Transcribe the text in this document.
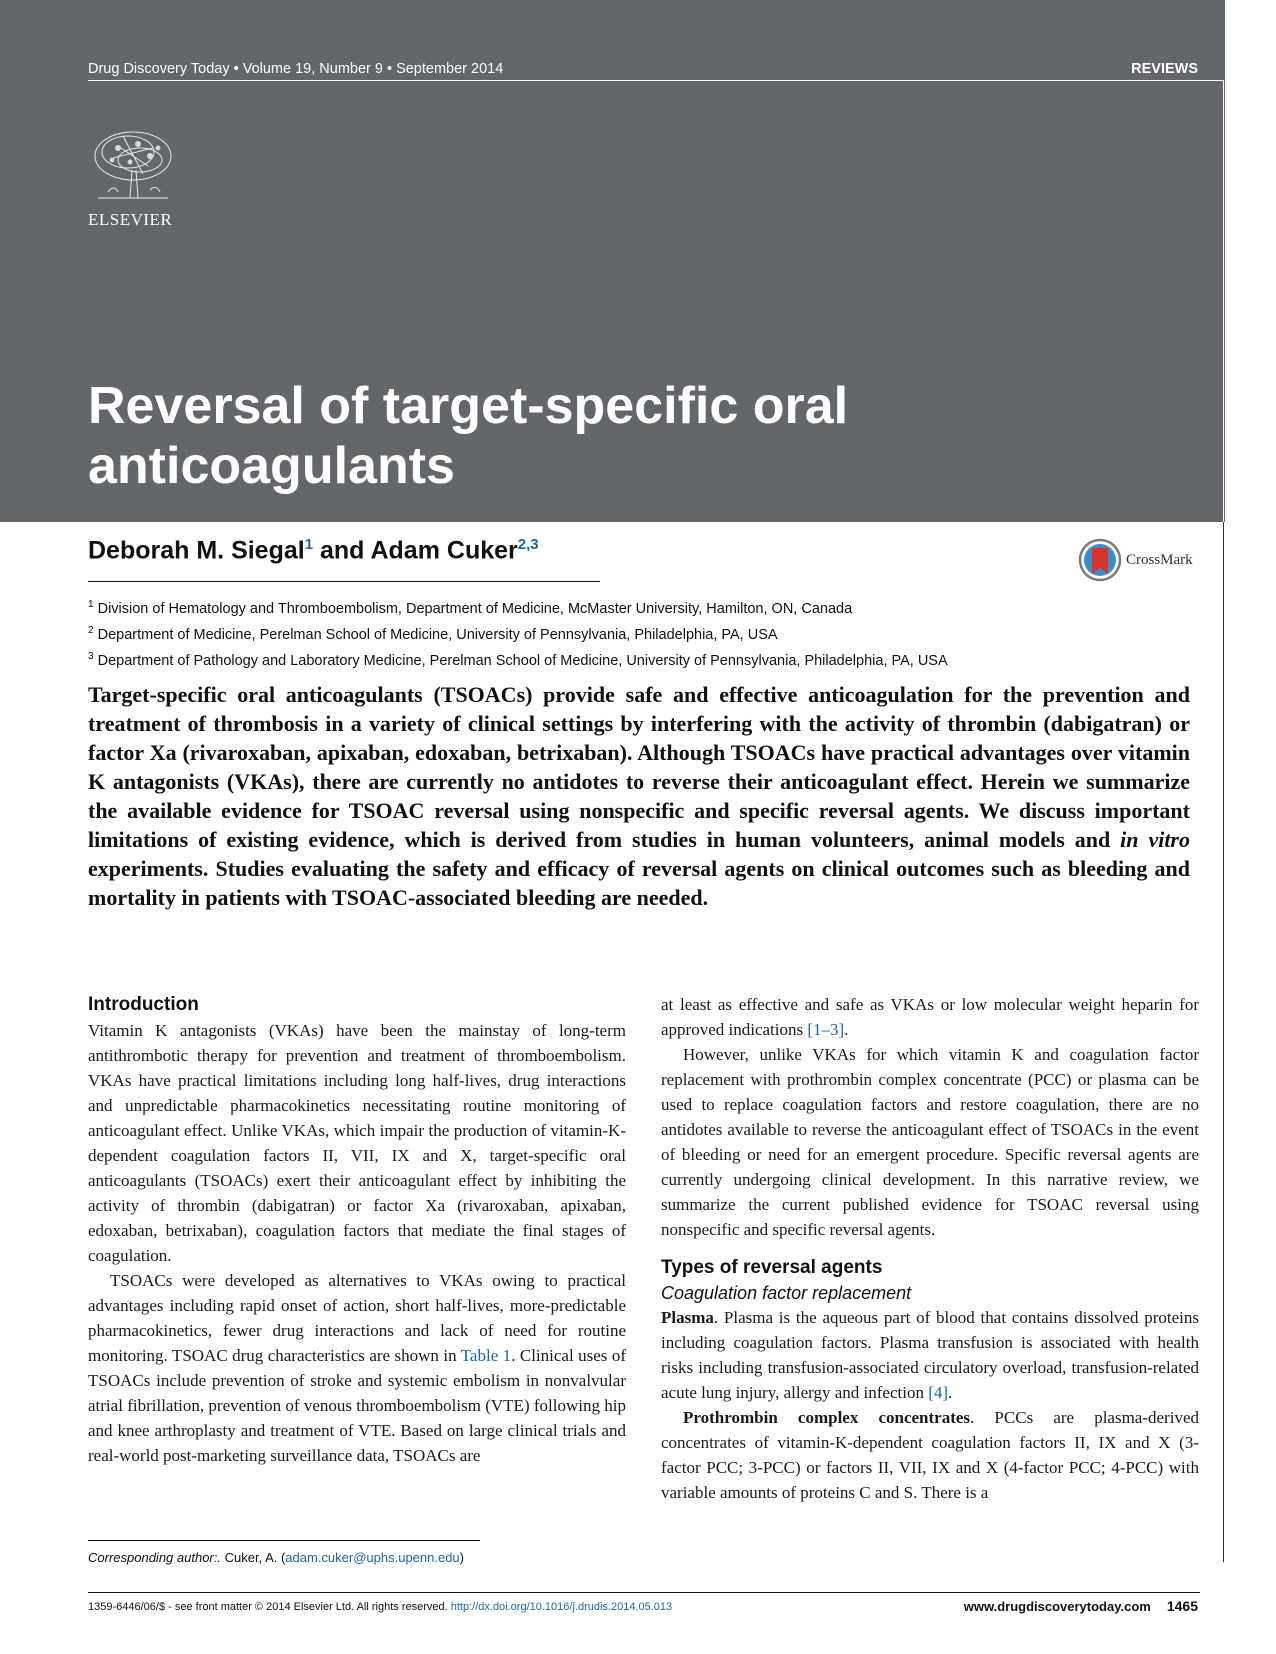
Drug Discovery Today • Volume 19, Number 9 • September 2014	REVIEWS
Reviews • POST SCREEN
ELSEVIER
Reversal of target-specific oral
anticoagulants
Deborah M. Siegal$^1$ and Adam Cuker$^{2,3}$
CrossMark
$^1$ Division of Hematology and Thromboembolism, Department of Medicine, McMaster University, Hamilton, ON, Canada
$^2$ Department of Medicine, Perelman School of Medicine, University of Pennsylvania, Philadelphia, PA, USA
$^3$ Department of Pathology and Laboratory Medicine, Perelman School of Medicine, University of Pennsylvania, Philadelphia, PA, USA
Target-specific oral anticoagulants (TSOACs) provide safe and effective anticoagulation for the prevention and treatment of thrombosis in a variety of clinical settings by interfering with the activity of thrombin (dabigatran) or factor Xa (rivaroxaban, apixaban, edoxaban, betrixaban). Although TSOACs have practical advantages over vitamin K antagonists (VKAs), there are currently no antidotes to reverse their anticoagulant effect. Herein we summarize the available evidence for TSOAC reversal using nonspecific and specific reversal agents. We discuss important limitations of existing evidence, which is derived from studies in human volunteers, animal models and in vitro experiments. Studies evaluating the safety and efficacy of reversal agents on clinical outcomes such as bleeding and mortality in patients with TSOAC-associated bleeding are needed.
Introduction

Vitamin K antagonists (VKAs) have been the mainstay of long-term antithrombotic therapy for prevention and treatment of thromboembolism. VKAs have practical limitations including long half-lives, drug interactions and unpredictable pharmacokinetics necessitating routine monitoring of anticoagulant effect. Unlike VKAs, which impair the production of vitamin-K-dependent coagulation factors II, VII, IX and X, target-specific oral anticoagulants (TSOACs) exert their anticoagulant effect by inhibiting the activity of thrombin (dabigatran) or factor Xa (rivaroxaban, apixaban, edoxaban, betrixaban), coagulation factors that mediate the final stages of coagulation.

TSOACs were developed as alternatives to VKAs owing to practical advantages including rapid onset of action, short half-lives, more-predictable pharmacokinetics, fewer drug interactions and lack of need for routine monitoring. TSOAC drug characteristics are shown in Table 1. Clinical uses of TSOACs include prevention of stroke and systemic embolism in nonvalvular atrial fibrillation, prevention of venous thromboembolism (VTE) following hip and knee arthroplasty and treatment of VTE. Based on large clinical trials and real-world post-marketing surveillance data, TSOACs are

at least as effective and safe as VKAs or low molecular weight heparin for approved indications [1–3].

However, unlike VKAs for which vitamin K and coagulation factor replacement with prothrombin complex concentrate (PCC) or plasma can be used to replace coagulation factors and restore coagulation, there are no antidotes available to reverse the anticoagulant effect of TSOACs in the event of bleeding or need for an emergent procedure. Specific reversal agents are currently undergoing clinical development. In this narrative review, we summarize the current published evidence for TSOAC reversal using nonspecific and specific reversal agents.

Types of reversal agents
Coagulation factor replacement

Plasma. Plasma is the aqueous part of blood that contains dissolved proteins including coagulation factors. Plasma transfusion is associated with health risks including transfusion-associated circulatory overload, transfusion-related acute lung injury, allergy and infection [4].

Prothrombin complex concentrates. PCCs are plasma-derived concentrates of vitamin-K-dependent coagulation factors II, IX and X (3-factor PCC; 3-PCC) or factors II, VII, IX and X (4-factor PCC; 4-PCC) with variable amounts of proteins C and S. There is a

Corresponding author:. Cuker, A. (adam.cuker@uphs.upenn.edu)
1359-6446/06/$ - see front matter © 2014 Elsevier Ltd. All rights reserved. http://dx.doi.org/10.1016/j.drudis.2014.05.013	www.drugdiscoverytoday.com 1465
